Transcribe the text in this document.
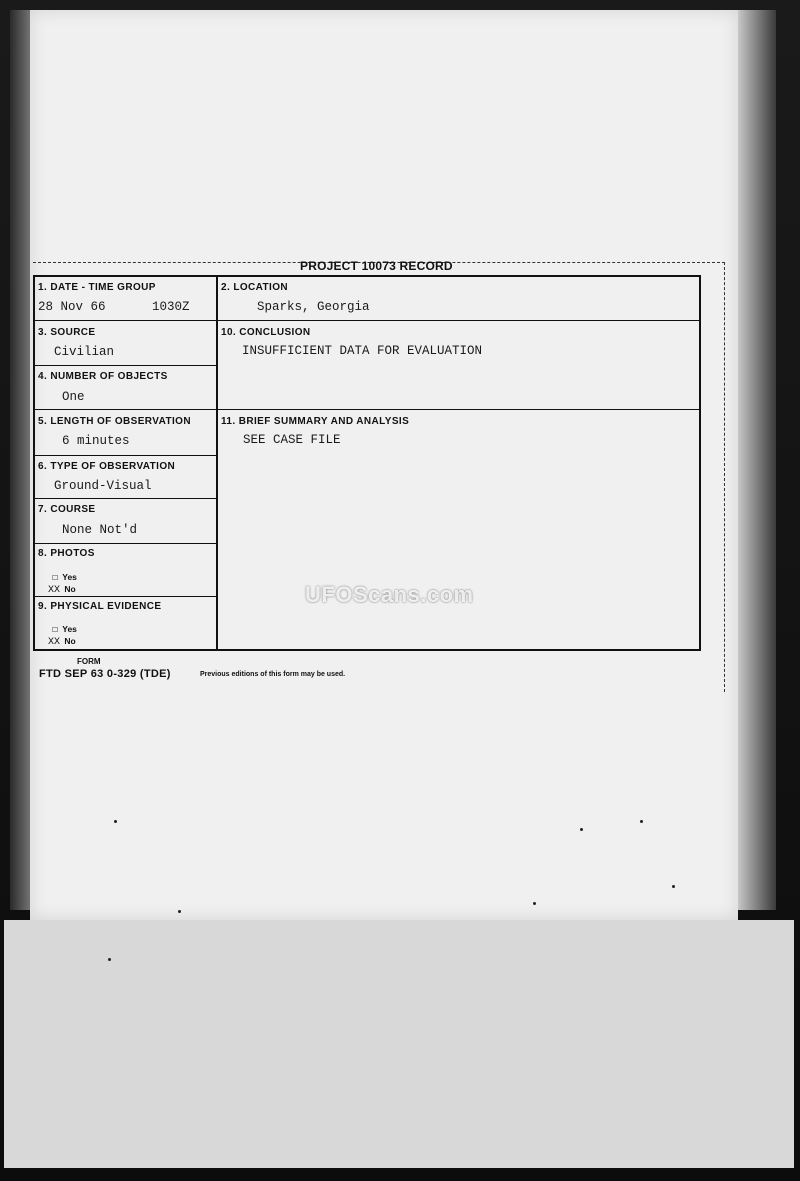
PROJECT 10073 RECORD
1. DATE - TIME GROUP
28 Nov 66	1030Z
2. LOCATION
Sparks, Georgia
3. SOURCE
Civilian
10. CONCLUSION
INSUFFICIENT DATA FOR EVALUATION
4. NUMBER OF OBJECTS
One
5. LENGTH OF OBSERVATION
6 minutes
11. BRIEF SUMMARY AND ANALYSIS
SEE CASE FILE
6. TYPE OF OBSERVATION
Ground-Visual
7. COURSE
None Not'd
8. PHOTOS
☐ Yes
XX No
9. PHYSICAL EVIDENCE
☐ Yes
XX No
FORM
FTD SEP 63 0-329 (TDE)	Previous editions of this form may be used.
UFOScans.com
